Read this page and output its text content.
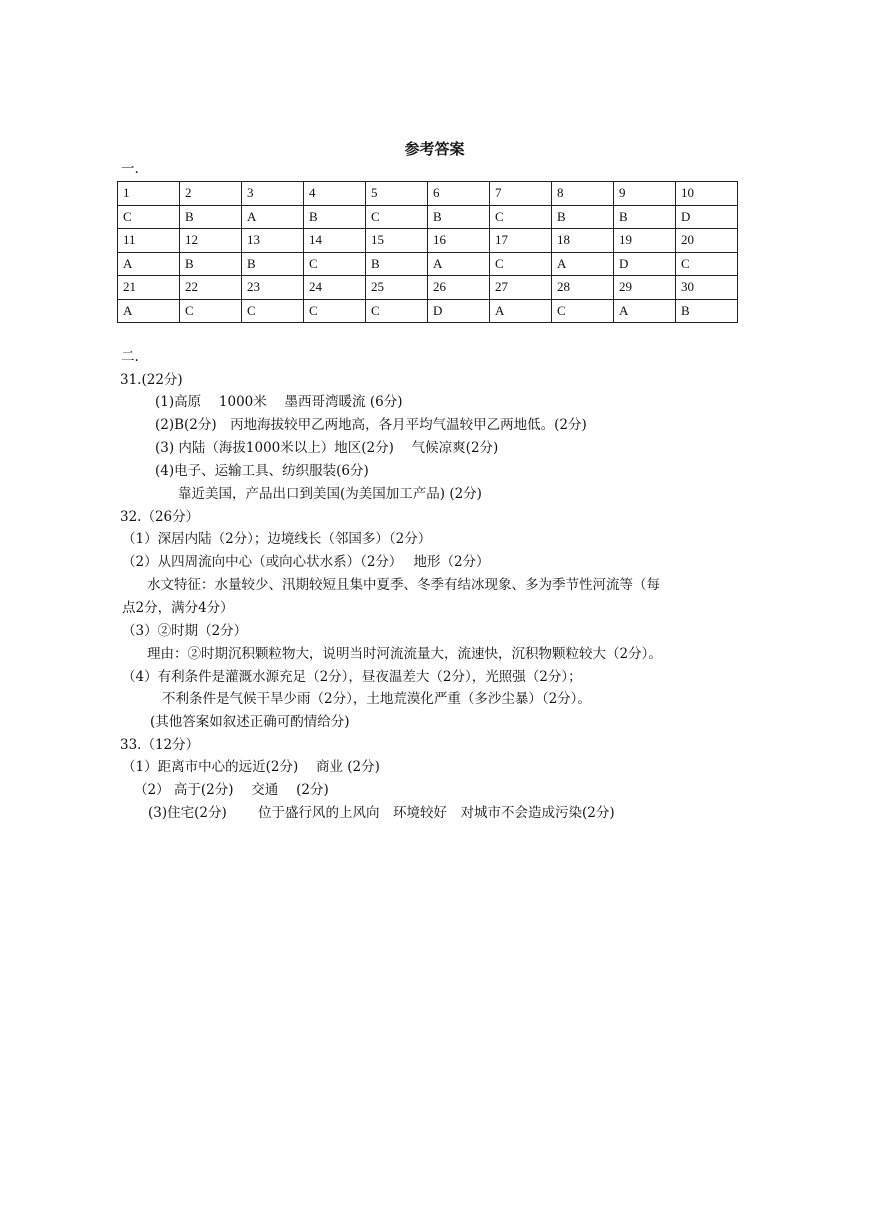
参考答案
一.
1	2	3	4	5	6	7	8	9	10
C	B	A	B	C	B	C	B	B	D
11	12	13	14	15	16	17	18	19	20
A	B	B	C	B	A	C	A	D	C
21	22	23	24	25	26	27	28	29	30
A	C	C	C	C	D	A	C	A	B
二.
31.(22分)
(1)高原　 1000米　 墨西哥湾暖流 (6分)
(2)B(2分)　丙地海拔较甲乙两地高，各月平均气温较甲乙两地低。(2分)
(3) 内陆（海拔1000米以上）地区(2分)　 气候凉爽(2分)
(4)电子、运输工具、纺织服装(6分)
靠近美国，产品出口到美国(为美国加工产品) (2分)
32.（26分）
（1）深居内陆（2分）；边境线长（邻国多）（2分）
（2）从四周流向中心（或向心状水系）（2分）　 地形（2分）
水文特征：水量较少、汛期较短且集中夏季、冬季有结冰现象、多为季节性河流等（每
点2分，满分4分）
（3）②时期（2分）
理由：②时期沉积颗粒物大，说明当时河流流量大，流速快，沉积物颗粒较大（2分）。
（4）有利条件是灌溉水源充足（2分），昼夜温差大（2分），光照强（2分）；
不利条件是气候干旱少雨（2分），土地荒漠化严重（多沙尘暴）（2分）。
(其他答案如叙述正确可酌情给分)
33.（12分）
（1）距离市中心的远近(2分)　 商业 (2分)
（2） 高于(2分)　 交通 　(2分)
(3)住宅(2分)　　 位于盛行风的上风向　环境较好　对城市不会造成污染(2分)
